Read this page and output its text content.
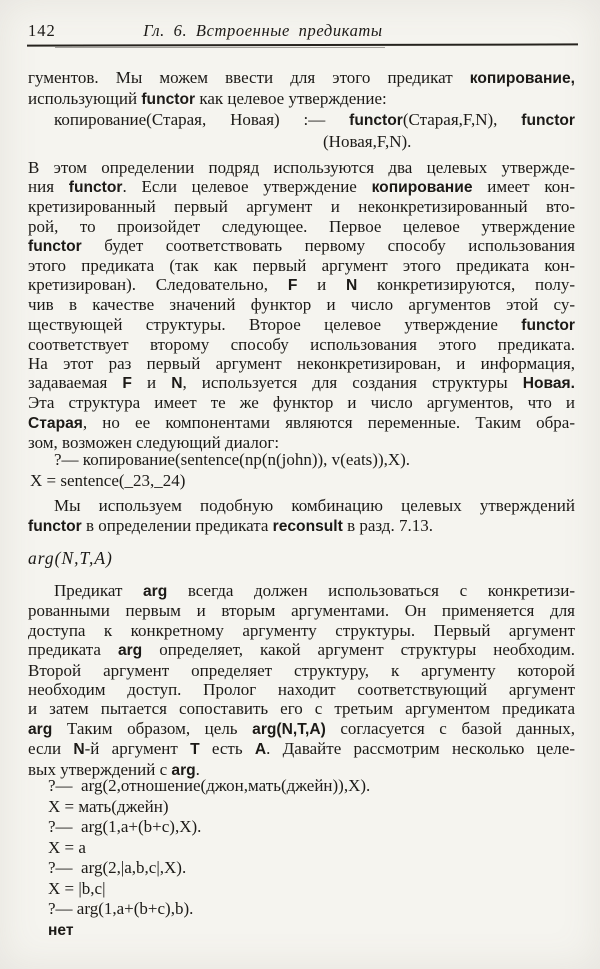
142	Гл. 6. Встроенные предикаты
гументов. Мы можем ввести для этого предикат копирование,
использующий functor как целевое утверждение:
копирование(Старая, Новая) :— functor(Старая,F,N), functor
(Новая,F,N).
В этом определении подряд используются два целевых утвержде-
ния functor. Если целевое утверждение копирование имеет кон-
кретизированный первый аргумент и неконкретизированный вто-
рой, то произойдет следующее. Первое целевое утверждение
functor будет соответствовать первому способу использования
этого предиката (так как первый аргумент этого предиката кон-
кретизирован). Следовательно, F и N конкретизируются, полу-
чив в качестве значений функтор и число аргументов этой су-
ществующей структуры. Второе целевое утверждение functor
соответствует второму способу использования этого предиката.
На этот раз первый аргумент неконкретизирован, и информация,
задаваемая F и N, используется для создания структуры Новая.
Эта структура имеет те же функтор и число аргументов, что и
Старая, но ее компонентами являются переменные. Таким обра-
зом, возможен следующий диалог:
?— копирование(sentence(np(n(john)), v(eats)),X).
X = sentence(_23,_24)
Мы используем подобную комбинацию целевых утверждений
functor в определении предиката reconsult в разд. 7.13.
arg(N,T,A)
Предикат arg всегда должен использоваться с конкретизи-
рованными первым и вторым аргументами. Он применяется для
доступа к конкретному аргументу структуры. Первый аргумент
предиката arg определяет, какой аргумент структуры необходим.
Второй аргумент определяет структуру, к аргументу которой
необходим доступ. Пролог находит соответствующий аргумент
и затем пытается сопоставить его с третьим аргументом предиката
arg Таким образом, цель arg(N,T,A) согласуется с базой данных,
если N-й аргумент T есть A. Давайте рассмотрим несколько целе-
вых утверждений с arg.
?—  arg(2,отношение(джон,мать(джейн)),X).
X = мать(джейн)
?—  arg(1,a+(b+c),X).
X = a
?—  arg(2,|a,b,c|,X).
X = |b,c|
?— arg(1,a+(b+c),b).
нет
